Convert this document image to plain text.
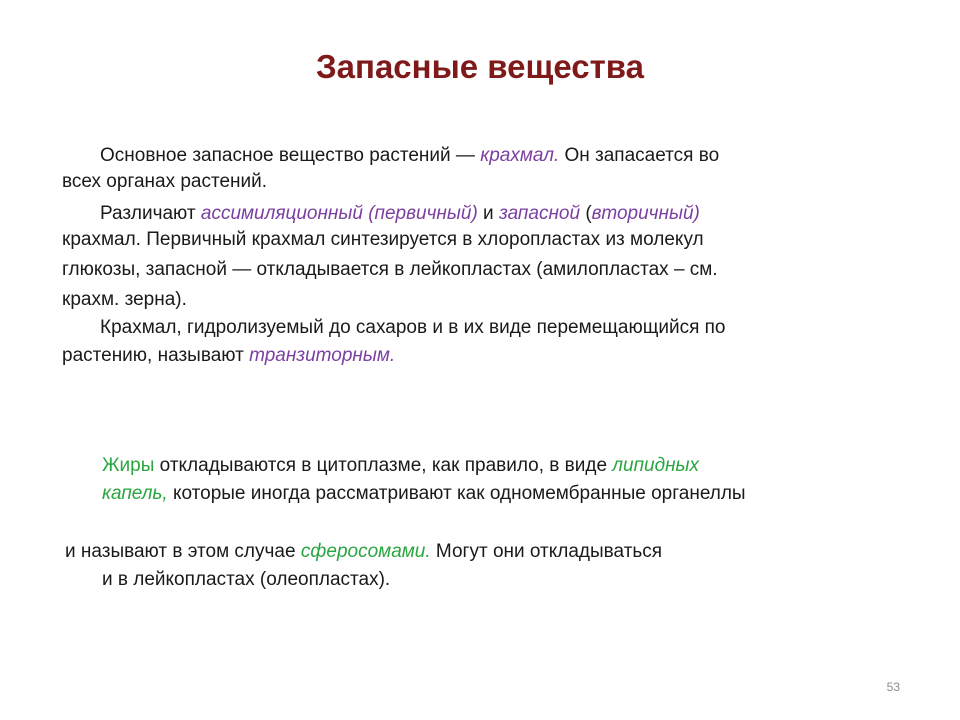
Запасные вещества
Основное запасное вещество растений — крахмал. Он запасается во
всех органах растений.
Различают ассимиляционный (первичный) и запасной (вторичный)
крахмал. Первичный крахмал синтезируется в хлоропластах из молекул
глюкозы, запасной — откладывается в лейкопластах (амилопластах – см.
крахм. зерна).
Крахмал, гидролизуемый до сахаров и в их виде перемещающийся по
растению, называют транзиторным.
Жиры откладываются в цитоплазме, как правило, в виде липидных
капель, которые иногда рассматривают как одномембранные органеллы
и называют в этом случае сферосомами. Могут они откладываться
и в лейкопластах (олеопластах).
53
